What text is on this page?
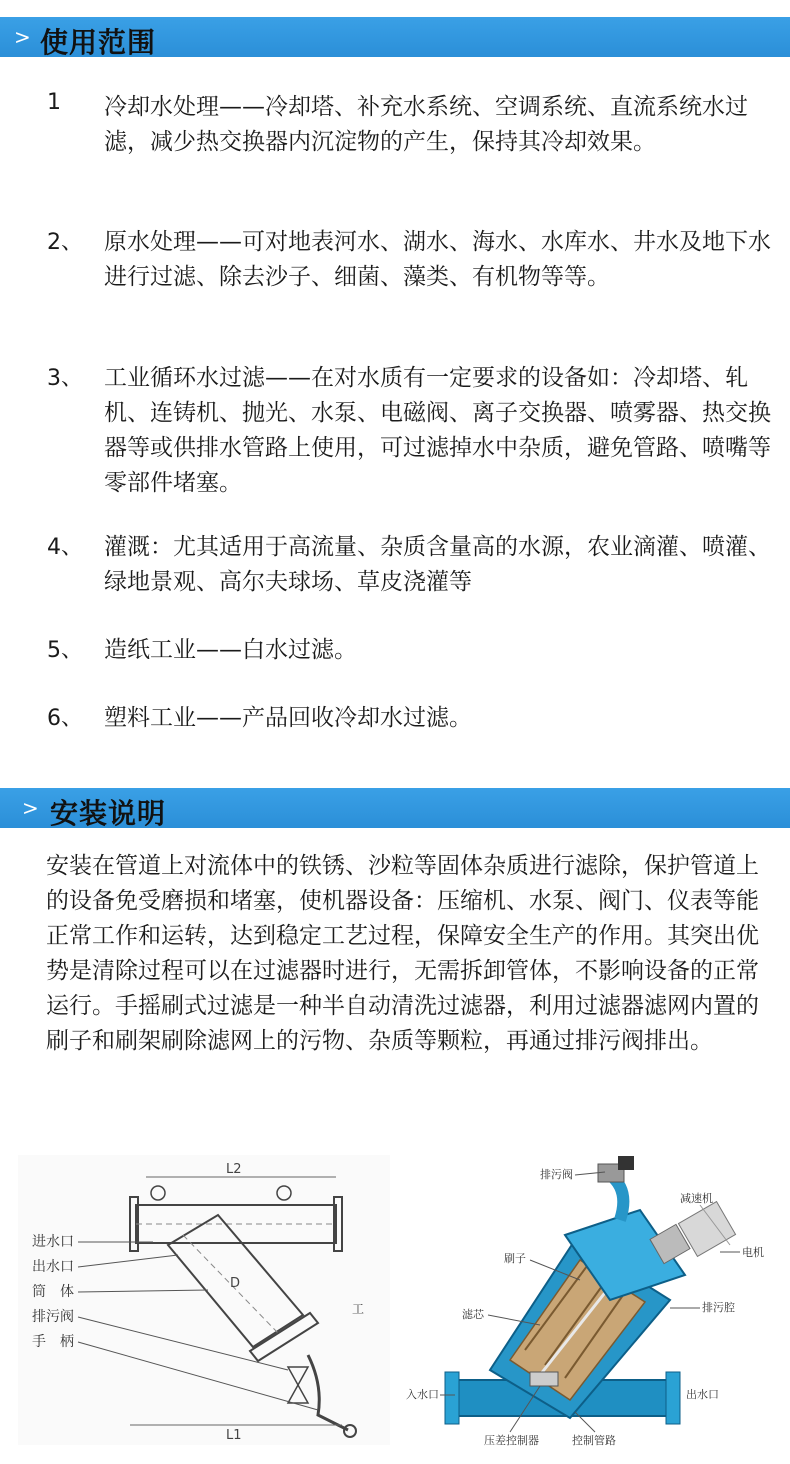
> 使用范围
1 冷却水处理——冷却塔、补充水系统、空调系统、直流系统水过滤，减少热交换器内沉淀物的产生，保持其冷却效果。
2、 原水处理——可对地表河水、湖水、海水、水库水、井水及地下水进行过滤、除去沙子、细菌、藻类、有机物等等。
3、 工业循环水过滤——在对水质有一定要求的设备如：冷却塔、轧机、连铸机、抛光、水泵、电磁阀、离子交换器、喷雾器、热交换器等或供排水管路上使用，可过滤掉水中杂质，避免管路、喷嘴等零部件堵塞。
4、 灌溉：尤其适用于高流量、杂质含量高的水源，农业滴灌、喷灌、绿地景观、高尔夫球场、草皮浇灌等
5、 造纸工业——白水过滤。
6、 塑料工业——产品回收冷却水过滤。
> 安装说明
安装在管道上对流体中的铁锈、沙粒等固体杂质进行滤除，保护管道上的设备免受磨损和堵塞，使机器设备：压缩机、水泵、阀门、仪表等能正常工作和运转，达到稳定工艺过程，保障安全生产的作用。其突出优势是清除过程可以在过滤器时进行，无需拆卸管体，不影响设备的正常运行。手摇刷式过滤是一种半自动清洗过滤器，利用过滤器滤网内置的刷子和刷架刷除滤网上的污物、杂质等颗粒，再通过排污阀排出。
L2
D
进水口
出水口
筒　体
排污阀
手　柄
工
L1
排污阀
减速机
电机
刷子
滤芯
排污腔
入水口	出水口
压差控制器	控制管路
